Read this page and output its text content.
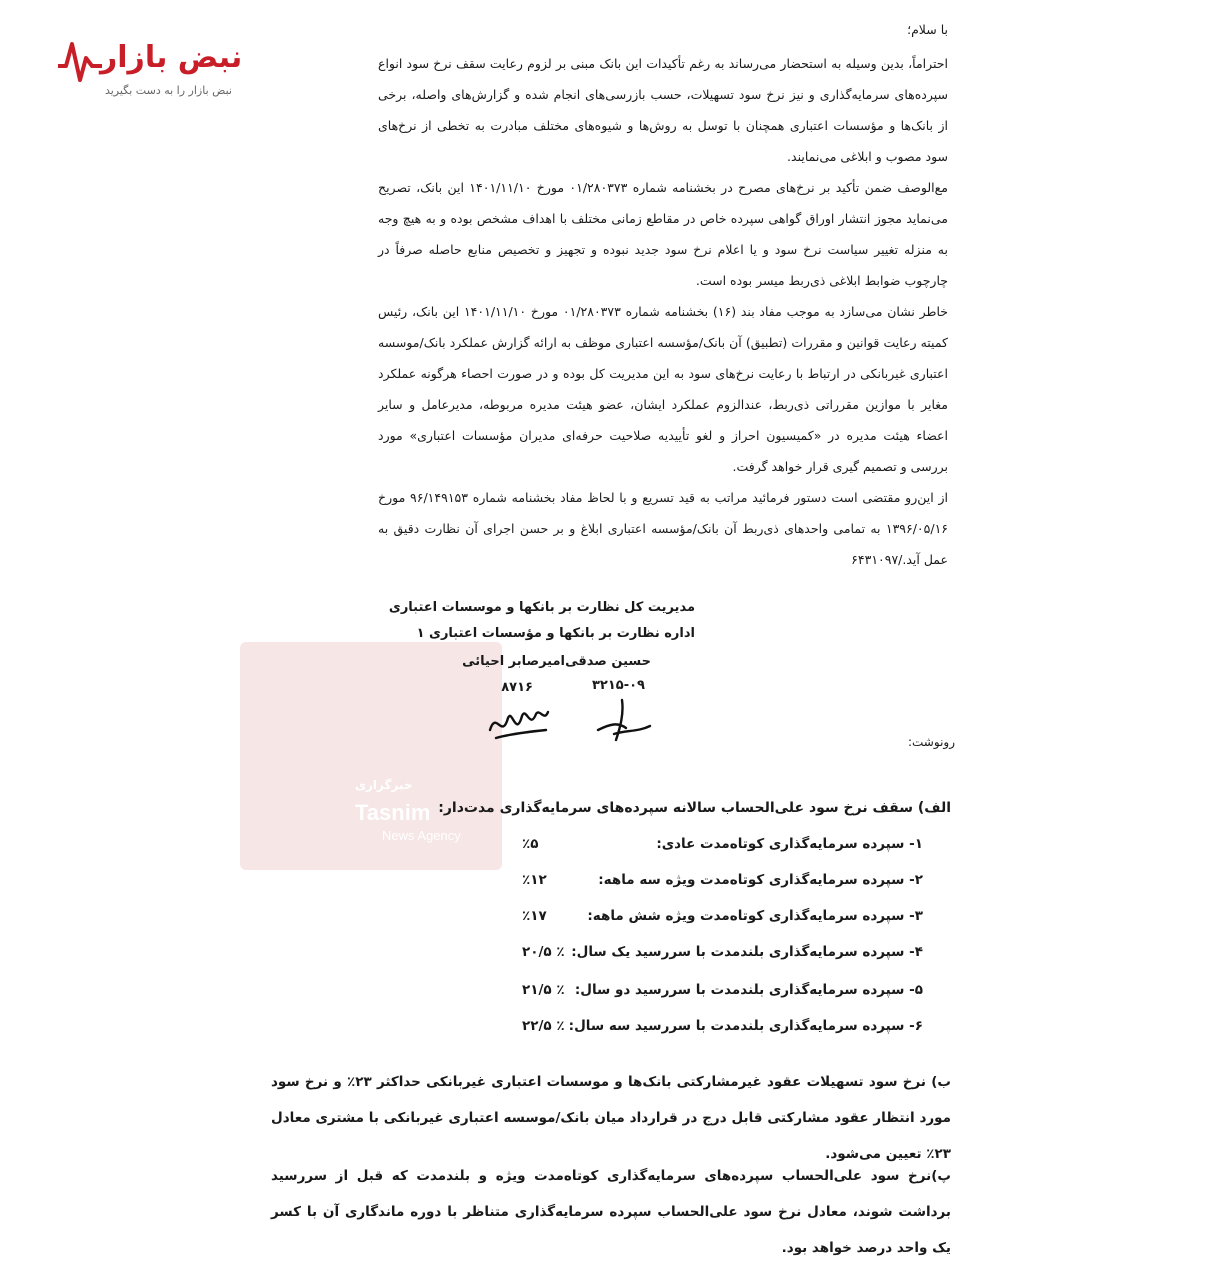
نبض بازار
نبض بازار را به دست بگیرید
با سلام؛
احتراماً، بدین وسیله به استحضار می‌رساند به رغم تأکیدات این بانک مبنی بر لزوم رعایت سقف نرخ سود انواع سپرده‌های سرمایه‌گذاری و نیز نرخ سود تسهیلات، حسب بازرسی‌های انجام شده و گزارش‌های واصله، برخی از بانک‌ها و مؤسسات اعتباری همچنان با توسل به روش‌ها و شیوه‌های مختلف مبادرت به تخطی از نرخ‌های سود مصوب و ابلاغی می‌نمایند.
مع‌الوصف ضمن تأکید بر نرخ‌های مصرح در بخشنامه شماره ۰۱/۲۸۰۳۷۳ مورخ ۱۴۰۱/۱۱/۱۰ این بانک، تصریح می‌نماید مجوز انتشار اوراق گواهی سپرده خاص در مقاطع زمانی مختلف با اهداف مشخص بوده و به هیچ وجه به منزله تغییر سیاست نرخ سود و یا اعلام نرخ سود جدید نبوده و تجهیز و تخصیص منابع حاصله صرفاً در چارچوب ضوابط ابلاغی ذی‌ربط میسر بوده است.
خاطر نشان می‌سازد به موجب مفاد بند (۱۶) بخشنامه شماره ۰۱/۲۸۰۳۷۳ مورخ ۱۴۰۱/۱۱/۱۰ این بانک، رئیس کمیته رعایت قوانین و مقررات (تطبیق) آن بانک/مؤسسه اعتباری موظف به ارائه گزارش عملکرد بانک/موسسه اعتباری غیربانکی در ارتباط با رعایت نرخ‌های سود به این مدیریت کل بوده و در صورت احصاء هرگونه عملکرد مغایر با موازین مقرراتی ذی‌ربط، عندالزوم عملکرد ایشان، عضو هیئت مدیره مربوطه، مدیرعامل و سایر اعضاء هیئت مدیره در «کمیسیون احراز و لغو تأییدیه صلاحیت حرفه‌ای مدیران مؤسسات اعتباری» مورد بررسی و تصمیم گیری قرار خواهد گرفت.
از این‌رو مقتضی است دستور فرمائید مراتب به قید تسریع و با لحاظ مفاد بخشنامه شماره ۹۶/۱۴۹۱۵۳ مورخ ۱۳۹۶/۰۵/۱۶ به تمامی واحدهای ذی‌ربط آن بانک/مؤسسه اعتباری ابلاغ و بر حسن اجرای آن نظارت دقیق به عمل آید./۶۴۳۱۰۹۷
مدیریت کل نظارت بر بانکها و موسسات اعتباری
اداره نظارت بر بانکها و مؤسسات اعتباری ۱
حسین صدقی
امیرصابر احیائی
۳۲۱۵-۰۹
۸۷۱۶
خبرگزاری
Tasnim
News Agency
رونوشت:
الف) سقف نرخ سود علی‌الحساب سالانه سپرده‌های سرمایه‌گذاری مدت‌دار:
۱- سپرده سرمایه‌گذاری کوتاه‌مدت عادی:
٪۵
۲- سپرده سرمایه‌گذاری کوتاه‌مدت ویژه سه ماهه:
٪۱۲
۳- سپرده سرمایه‌گذاری کوتاه‌مدت ویژه شش ماهه:
٪۱۷
۴- سپرده سرمایه‌گذاری بلندمدت با سررسید یک سال:
٪ ۲۰/۵
۵- سپرده سرمایه‌گذاری بلندمدت با سررسید دو سال:
٪ ۲۱/۵
۶- سپرده سرمایه‌گذاری بلندمدت با سررسید سه سال:
٪ ۲۲/۵
ب) نرخ سود تسهیلات عقود غیرمشارکتی بانک‌ها و موسسات اعتباری غیربانکی حداکثر ۲۳٪ و نرخ سود مورد انتظار عقود مشارکتی قابل درج در قرارداد میان بانک/موسسه اعتباری غیربانکی با مشتری معادل ۲۳٪ تعیین می‌شود.
پ)نرخ سود علی‌الحساب سپرده‌های سرمایه‌گذاری کوتاه‌مدت ویژه و بلندمدت که قبل از سررسید برداشت شوند، معادل نرخ سود علی‌الحساب سپرده سرمایه‌گذاری متناظر با دوره ماندگاری آن با کسر یک واحد درصد خواهد بود.
